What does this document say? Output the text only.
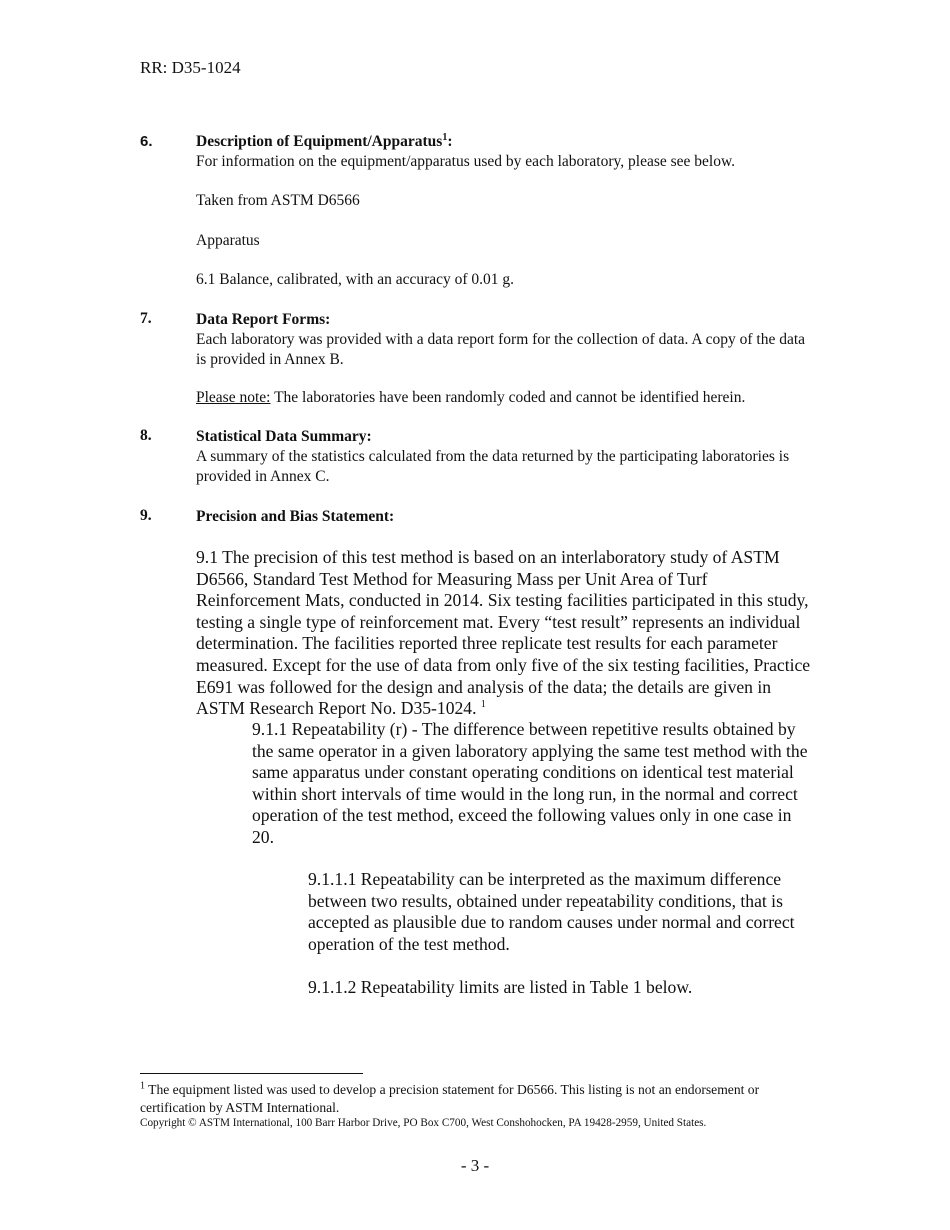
RR: D35-1024
6.	Description of Equipment/Apparatus$^1$:
For information on the equipment/apparatus used by each laboratory, please see below.
Taken from ASTM D6566
Apparatus
6.1 Balance, calibrated, with an accuracy of 0.01 g.
7.	Data Report Forms:
Each laboratory was provided with a data report form for the collection of data. A copy of the data is provided in Annex B.
Please note: The laboratories have been randomly coded and cannot be identified herein.
8.	Statistical Data Summary:
A summary of the statistics calculated from the data returned by the participating laboratories is provided in Annex C.
9.	Precision and Bias Statement:
9.1 The precision of this test method is based on an interlaboratory study of ASTM D6566, Standard Test Method for Measuring Mass per Unit Area of Turf Reinforcement Mats, conducted in 2014. Six testing facilities participated in this study, testing a single type of reinforcement mat. Every “test result” represents an individual determination. The facilities reported three replicate test results for each parameter measured. Except for the use of data from only five of the six testing facilities, Practice E691 was followed for the design and analysis of the data; the details are given in ASTM Research Report No. D35-1024. $^1$
9.1.1 Repeatability (r) - The difference between repetitive results obtained by the same operator in a given laboratory applying the same test method with the same apparatus under constant operating conditions on identical test material within short intervals of time would in the long run, in the normal and correct operation of the test method, exceed the following values only in one case in 20.
9.1.1.1 Repeatability can be interpreted as the maximum difference between two results, obtained under repeatability conditions, that is accepted as plausible due to random causes under normal and correct operation of the test method.
9.1.1.2 Repeatability limits are listed in Table 1 below.
$^1$ The equipment listed was used to develop a precision statement for D6566. This listing is not an endorsement or certification by ASTM International.
Copyright © ASTM International, 100 Barr Harbor Drive, PO Box C700, West Conshohocken, PA 19428-2959, United States.
- 3 -
